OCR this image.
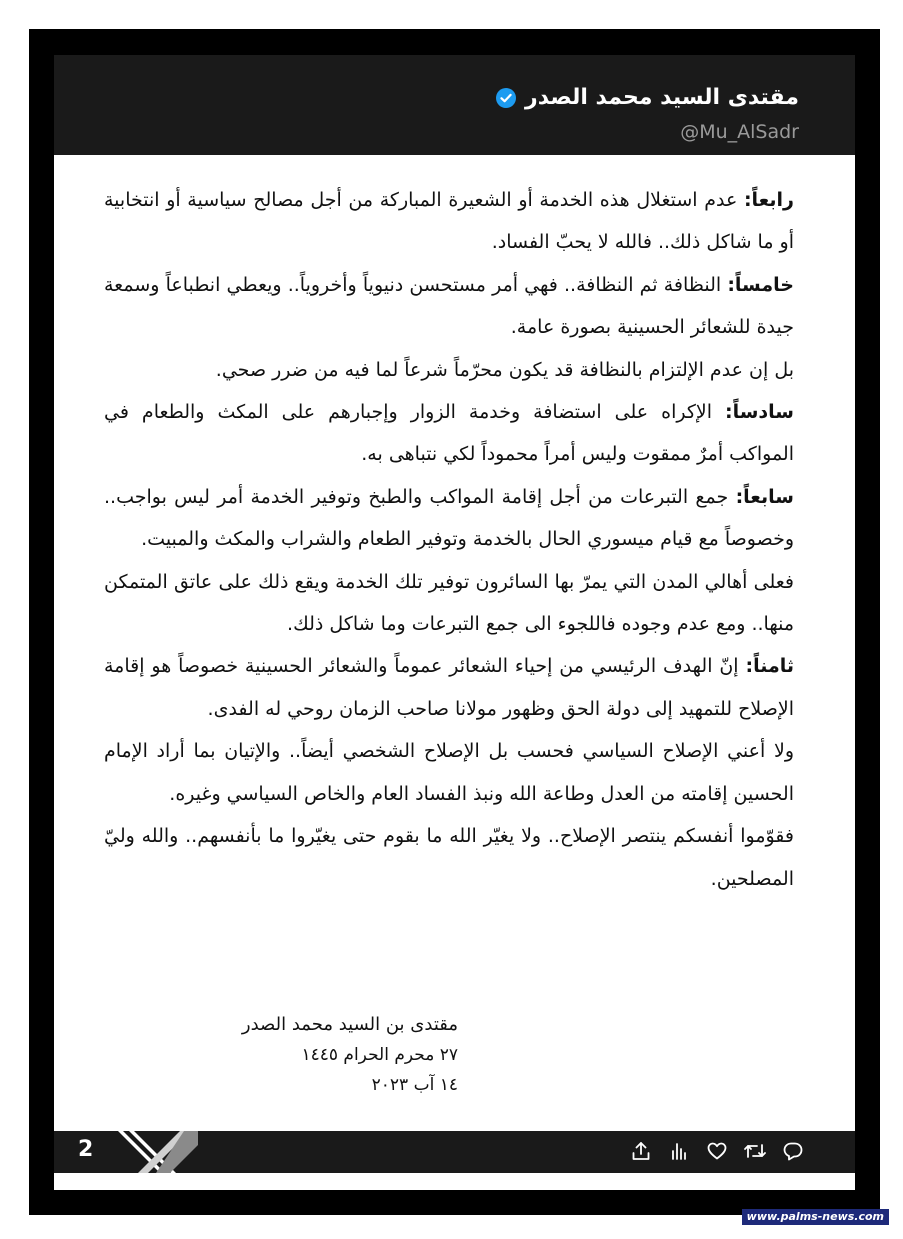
مقتدى السيد محمد الصدر
@Mu_AlSadr

رابعاً: عدم استغلال هذه الخدمة أو الشعيرة المباركة من أجل مصالح سياسية أو انتخابية أو ما شاكل ذلك.. فالله لا يحبّ الفساد.

خامساً: النظافة ثم النظافة.. فهي أمر مستحسن دنيوياً وأخروياً.. ويعطي انطباعاً وسمعة جيدة للشعائر الحسينية بصورة عامة.

بل إن عدم الإلتزام بالنظافة قد يكون محرّماً شرعاً لما فيه من ضرر صحي.

سادساً: الإكراه على استضافة وخدمة الزوار وإجبارهم على المكث والطعام في المواكب أمرٌ ممقوت وليس أمراً محموداً لكي نتباهى به.

سابعاً: جمع التبرعات من أجل إقامة المواكب والطبخ وتوفير الخدمة أمر ليس بواجب.. وخصوصاً مع قيام ميسوري الحال بالخدمة وتوفير الطعام والشراب والمكث والمبيت.

فعلى أهالي المدن التي يمرّ بها السائرون توفير تلك الخدمة ويقع ذلك على عاتق المتمكن منها.. ومع عدم وجوده فاللجوء الى جمع التبرعات وما شاكل ذلك.

ثامناً: إنّ الهدف الرئيسي من إحياء الشعائر عموماً والشعائر الحسينية خصوصاً هو إقامة الإصلاح للتمهيد إلى دولة الحق وظهور مولانا صاحب الزمان روحي له الفدى.

ولا أعني الإصلاح السياسي فحسب بل الإصلاح الشخصي أيضاً.. والإتيان بما أراد الإمام الحسين إقامته من العدل وطاعة الله ونبذ الفساد العام والخاص السياسي وغيره.

فقوّموا أنفسكم ينتصر الإصلاح.. ولا يغيّر الله ما بقوم حتى يغيّروا ما بأنفسهم.. والله وليّ المصلحين.

مقتدى بن السيد محمد الصدر
٢٧ محرم الحرام ١٤٤٥
١٤ آب ٢٠٢٣
2
www.palms-news.com
